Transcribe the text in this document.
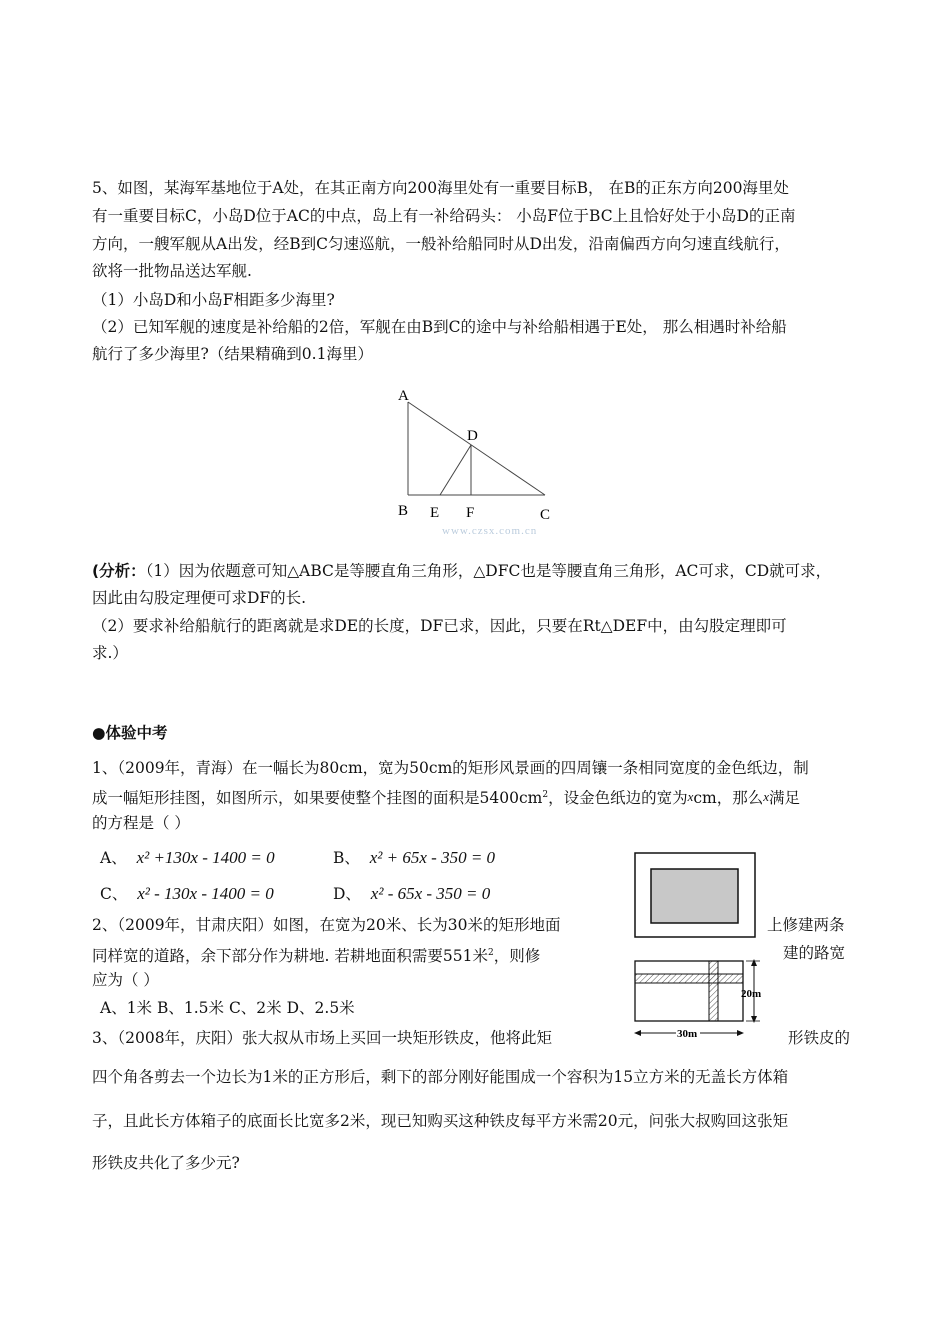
5、如图，某海军基地位于A处，在其正南方向200海里处有一重要目标B， 在B的正东方向200海里处
有一重要目标C，小岛D位于AC的中点，岛上有一补给码头： 小岛F位于BC上且恰好处于小岛D的正南
方向，一艘军舰从A出发，经B到C匀速巡航，一般补给船同时从D出发，沿南偏西方向匀速直线航行，
欲将一批物品送达军舰.
（1）小岛D和小岛F相距多少海里?
（2）已知军舰的速度是补给船的2倍，军舰在由B到C的途中与补给船相遇于E处， 那么相遇时补给船
航行了多少海里?（结果精确到0.1海里）
A
D
B E F	C
www.czsx.com.cn
(分析：（1）因为依题意可知△ABC是等腰直角三角形，△DFC也是等腰直角三角形，AC可求，CD就可求，
因此由勾股定理便可求DF的长.
（2）要求补给船航行的距离就是求DE的长度，DF已求，因此，只要在Rt△DEF中，由勾股定理即可
求.）
●体验中考
1、（2009年，青海）在一幅长为80cm，宽为50cm的矩形风景画的四周镶一条相同宽度的金色纸边，制
成一幅矩形挂图，如图所示，如果要使整个挂图的面积是$5400cm^2$，设金色纸边的宽为xcm，那么x满足
的方程是（ ）
A、 x² +130x - 1400 = 0	B、 x² + 65x - 350 = 0
C、 x² - 130x - 1400 = 0	D、 x² - 65x - 350 = 0
2、（2009年，甘肃庆阳）如图，在宽为20米、长为30米的矩形地面	上修建两条
同样宽的道路，余下部分作为耕地. 若耕地面积需要551米$^2$，则修	建的路宽
应为（ ）
A、1米 B、1.5米 C、2米 D、2.5米
20m
30m
3、（2008年，庆阳）张大叔从市场上买回一块矩形铁皮，他将此矩	形铁皮的
四个角各剪去一个边长为1米的正方形后，剩下的部分刚好能围成一个容积为15立方米的无盖长方体箱
子，且此长方体箱子的底面长比宽多2米，现已知购买这种铁皮每平方米需20元，问张大叔购回这张矩
形铁皮共化了多少元?
